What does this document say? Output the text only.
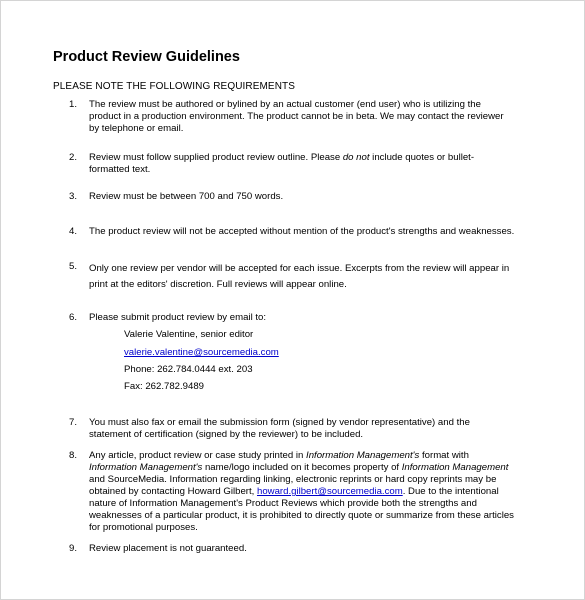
Product Review Guidelines
PLEASE NOTE THE FOLLOWING REQUIREMENTS
1.	The review must be authored or bylined by an actual customer (end user) who is utilizing the
product in a production environment. The product cannot be in beta. We may contact the reviewer
by telephone or email.
2.	Review must follow supplied product review outline. Please do not include quotes or bullet-
formatted text.
3.	Review must be between 700 and 750 words.
4.	The product review will not be accepted without mention of the product's strengths and weaknesses.
5.	Only one review per vendor will be accepted for each issue. Excerpts from the review will appear in
print at the editors' discretion. Full reviews will appear online.
6.	Please submit product review by email to:
Valerie Valentine, senior editor
valerie.valentine@sourcemedia.com
Phone: 262.784.0444 ext. 203
Fax: 262.782.9489
7.	You must also fax or email the submission form (signed by vendor representative) and the
statement of certification (signed by the reviewer) to be included.
8.	Any article, product review or case study printed in Information Management's format with
Information Management's name/logo included on it becomes property of Information Management
and SourceMedia. Information regarding linking, electronic reprints or hard copy reprints may be
obtained by contacting Howard Gilbert, howard.gilbert@sourcemedia.com. Due to the intentional
nature of Information Management's Product Reviews which provide both the strengths and
weaknesses of a particular product, it is prohibited to directly quote or summarize from these articles
for promotional purposes.
9.	Review placement is not guaranteed.
